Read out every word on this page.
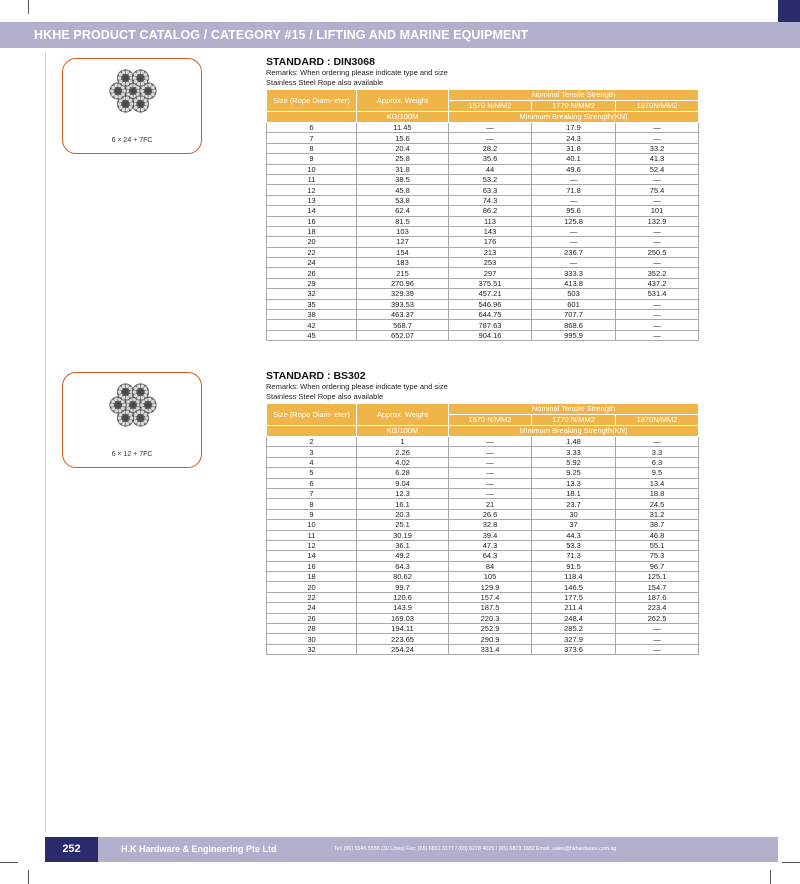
HKHE PRODUCT CATALOG / CATEGORY #15 / LIFTING AND MARINE EQUIPMENT
6 × 24 + 7FC
6 × 12 + 7FC
STANDARD : DIN3068
Remarks: When ordering please indicate type and size
Stainless Steel Rope also available
Size (Rope Diam- eter)	Approx. Weight	Nominal Tensile Strength		
		1570 N/MM2	1770 N/MM2	1870N/MM2
	KG/100M	Minimum Breaking Strength(KN)		
6	11.45	—	17.9	—
7	15.6	—	24.3	—
8	20.4	28.2	31.8	33.2
9	25.8	35.6	40.1	41.3
10	31.8	44	49.6	52.4
11	38.5	53.2	—	—
12	45.8	63.3	71.8	75.4
13	53.8	74.3	—	—
14	62.4	86.2	95.6	101
16	81.5	113	125.8	132.9
18	103	143	—	—
20	127	176	—	—
22	154	213	236.7	250.5
24	183	253	—	—
26	215	297	333.3	352.2
29	270.96	375.51	413.8	437.2
32	329.39	457.21	503	531.4
35	393.53	546.96	601	—
38	463.37	644.75	707.7	—
42	568.7	787.63	868.6	—
45	652.07	904.16	995.9	—
STANDARD : BS302
Remarks: When ordering please indicate type and size
Stainless Steel Rope also available
Size (Rope Diam- eter)	Approx. Weight	Nominal Tensile Strength		
		1570 N/MM2	1770 N/MM2	1870N/MM2
	KG/100M	Minimum Breaking Strength(KN)		
2	1	—	1.48	—
3	2.26	—	3.33	3.3
4	4.02	—	5.92	6.3
5	6.28	—	9.25	9.5
6	9.04	—	13.3	13.4
7	12.3	—	18.1	18.8
8	16.1	21	23.7	24.5
9	20.3	26.6	30	31.2
10	25.1	32.8	37	38.7
11	30.19	39.4	44.3	46.8
12	36.1	47.3	53.3	55.1
14	49.2	64.3	71.3	75.3
16	64.3	84	91.5	96.7
18	80.62	105	118.4	125.1
20	99.7	129.9	146.5	154.7
22	120.6	157.4	177.5	187.6
24	143.9	187.5	211.4	223.4
26	169.03	220.3	248.4	262.5
28	194.11	252.9	285.2	—
30	223.65	290.9	327.9	—
32	254.24	331.4	373.6	—
252	H.K Hardware & Engineering Pte Ltd	Tel: (65) 6545 5555 (30 Lines) Fax: (65) 6861 3177 / (65) 6278 4025 / (65) 6873 1682 Email: sales@hkhardware.com.sg
